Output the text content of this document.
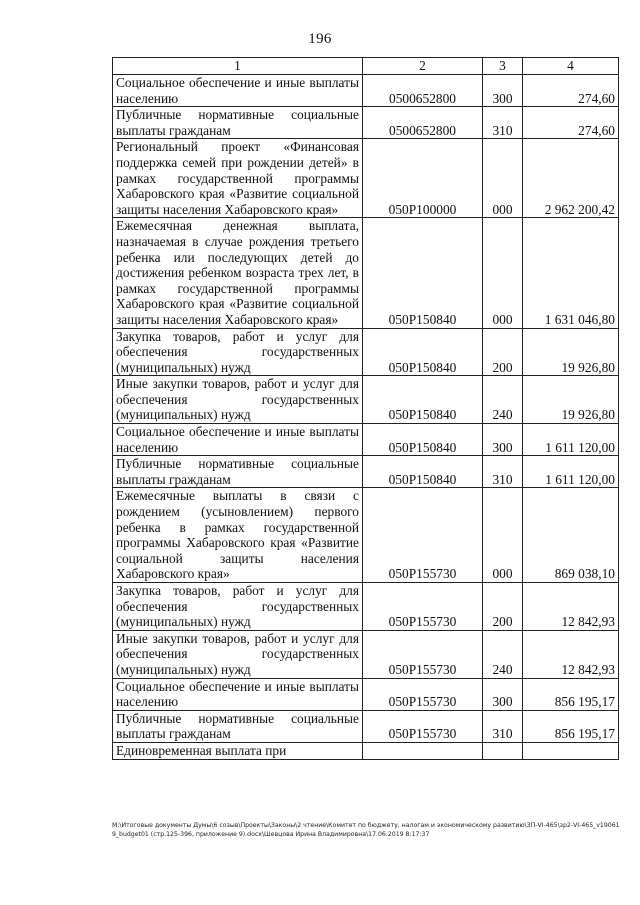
196
1	2	3	4
Социальное обеспечение и иные выплаты населению	0500652800	300	274,60
Публичные нормативные социальные выплаты гражданам	0500652800	310	274,60
Региональный проект «Финансовая поддержка семей при рождении детей» в рамках государственной программы Хабаровского края «Развитие социальной защиты населения Хабаровского края»	050P100000	000	2 962 200,42
Ежемесячная денежная выплата, назначаемая в случае рождения третьего ребенка или последующих детей до достижения ребенком возраста трех лет, в рамках государственной программы Хабаровского края «Развитие социальной защиты населения Хабаровского края»	050P150840	000	1 631 046,80
Закупка товаров, работ и услуг для обеспечения государственных (муниципальных) нужд	050P150840	200	19 926,80
Иные закупки товаров, работ и услуг для обеспечения государственных (муниципальных) нужд	050P150840	240	19 926,80
Социальное обеспечение и иные выплаты населению	050P150840	300	1 611 120,00
Публичные нормативные социальные выплаты гражданам	050P150840	310	1 611 120,00
Ежемесячные выплаты в связи с рождением (усыновлением) первого ребенка в рамках государственной программы Хабаровского края «Развитие социальной защиты населения Хабаровского края»	050P155730	000	869 038,10
Закупка товаров, работ и услуг для обеспечения государственных (муниципальных) нужд	050P155730	200	12 842,93
Иные закупки товаров, работ и услуг для обеспечения государственных (муниципальных) нужд	050P155730	240	12 842,93
Социальное обеспечение и иные выплаты населению	050P155730	300	856 195,17
Публичные нормативные социальные выплаты гражданам	050P155730	310	856 195,17
Единовременная выплата при			
M:\Итоговые документы Думы\6 созыв\Проекты\Законы\2 чтение\Комитет по бюджету, налогам и экономическому развитию\ЗП-VI-465\зр2-VI-465_v190619_budget01 (стр.125-396, приложение 9).docx\Шевцова Ирина Владимировна\17.06.2019 8:17:37
